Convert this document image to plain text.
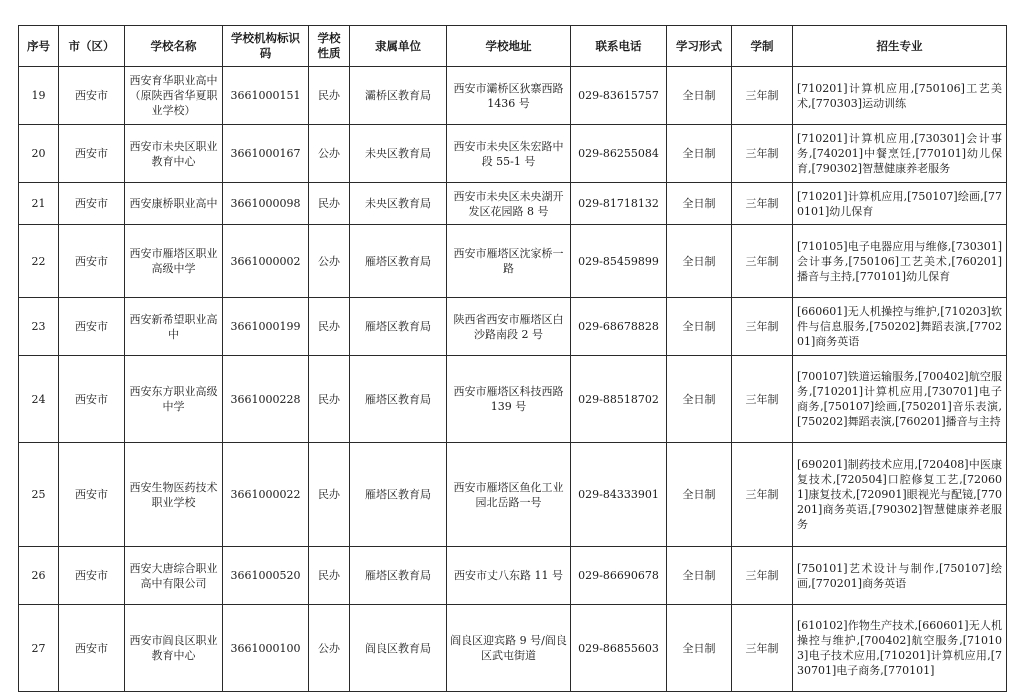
序号	市（区）	学校名称	学校机构标识码	学校性质	隶属单位	学校地址	联系电话	学习形式	学制	招生专业
19	西安市	西安育华职业高中（原陕西省华夏职业学校）	3661000151	民办	灞桥区教育局	西安市灞桥区狄寨西路 1436 号	029-83615757	全日制	三年制	[710201]计算机应用,[750106]工艺美术,[770303]运动训练
20	西安市	西安市未央区职业教育中心	3661000167	公办	未央区教育局	西安市未央区朱宏路中段 55-1 号	029-86255084	全日制	三年制	[710201]计算机应用,[730301]会计事务,[740201]中餐烹饪,[770101]幼儿保育,[790302]智慧健康养老服务
21	西安市	西安康桥职业高中	3661000098	民办	未央区教育局	西安市未央区未央湖开发区花园路 8 号	029-81718132	全日制	三年制	[710201]计算机应用,[750107]绘画,[770101]幼儿保育
22	西安市	西安市雁塔区职业高级中学	3661000002	公办	雁塔区教育局	西安市雁塔区沈家桥一路	029-85459899	全日制	三年制	[710105]电子电器应用与维修,[730301]会计事务,[750106]工艺美术,[760201]播音与主持,[770101]幼儿保育
23	西安市	西安新希望职业高中	3661000199	民办	雁塔区教育局	陕西省西安市雁塔区白沙路南段 2 号	029-68678828	全日制	三年制	[660601]无人机操控与维护,[710203]软件与信息服务,[750202]舞蹈表演,[770201]商务英语
24	西安市	西安东方职业高级中学	3661000228	民办	雁塔区教育局	西安市雁塔区科技西路 139 号	029-88518702	全日制	三年制	[700107]铁道运输服务,[700402]航空服务,[710201]计算机应用,[730701]电子商务,[750107]绘画,[750201]音乐表演,[750202]舞蹈表演,[760201]播音与主持
25	西安市	西安生物医药技术职业学校	3661000022	民办	雁塔区教育局	西安市雁塔区鱼化工业园北岳路一号	029-84333901	全日制	三年制	[690201]制药技术应用,[720408]中医康复技术,[720504]口腔修复工艺,[720601]康复技术,[720901]眼视光与配镜,[770201]商务英语,[790302]智慧健康养老服务
26	西安市	西安大唐综合职业高中有限公司	3661000520	民办	雁塔区教育局	西安市丈八东路 11 号	029-86690678	全日制	三年制	[750101]艺术设计与制作,[750107]绘画,[770201]商务英语
27	西安市	西安市阎良区职业教育中心	3661000100	公办	阎良区教育局	阎良区迎宾路 9 号/阎良区武屯街道	029-86855603	全日制	三年制	[610102]作物生产技术,[660601]无人机操控与维护,[700402]航空服务,[710103]电子技术应用,[710201]计算机应用,[730701]电子商务,[770101]
